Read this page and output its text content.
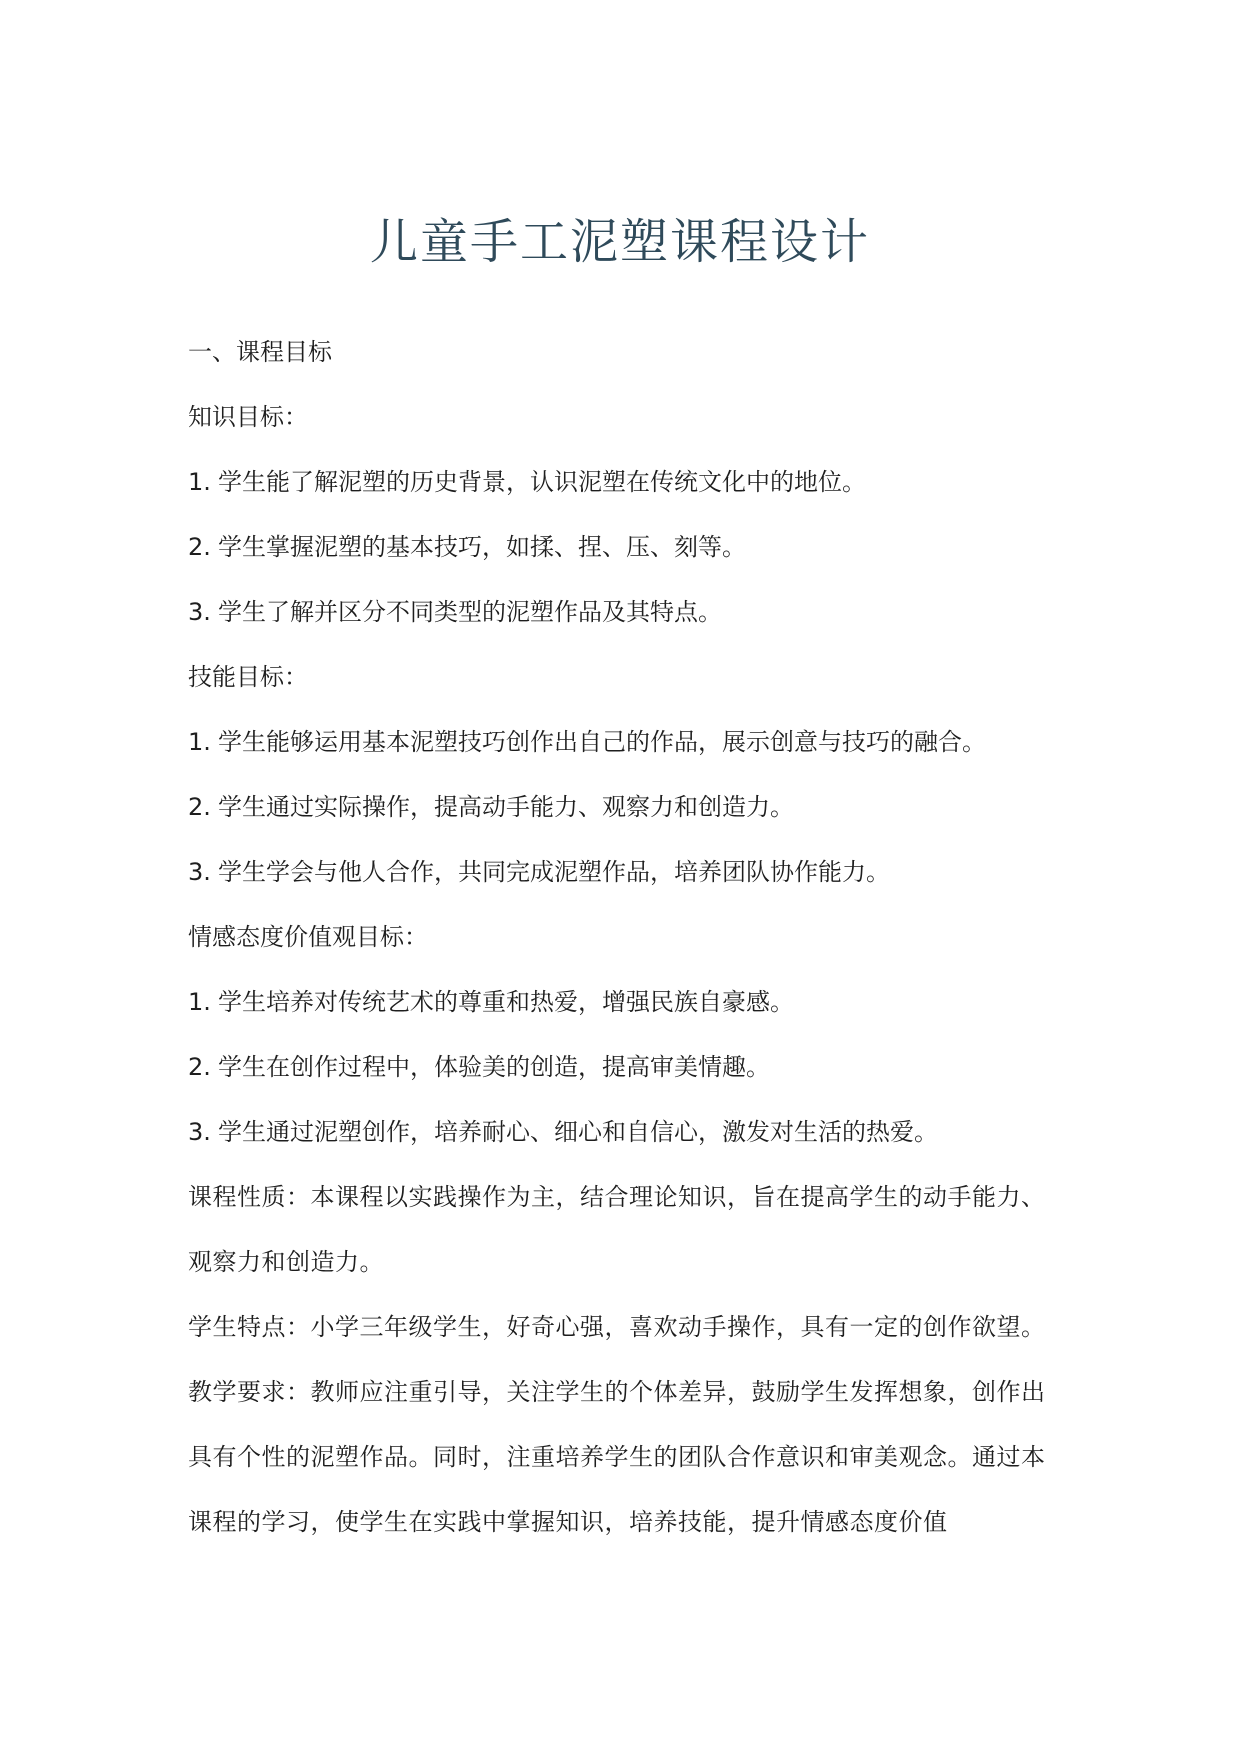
儿童手工泥塑课程设计
一、课程目标
知识目标：
1. 学生能了解泥塑的历史背景，认识泥塑在传统文化中的地位。
2. 学生掌握泥塑的基本技巧，如揉、捏、压、刻等。
3. 学生了解并区分不同类型的泥塑作品及其特点。
技能目标：
1. 学生能够运用基本泥塑技巧创作出自己的作品，展示创意与技巧的融合。
2. 学生通过实际操作，提高动手能力、观察力和创造力。
3. 学生学会与他人合作，共同完成泥塑作品，培养团队协作能力。
情感态度价值观目标：
1. 学生培养对传统艺术的尊重和热爱，增强民族自豪感。
2. 学生在创作过程中，体验美的创造，提高审美情趣。
3. 学生通过泥塑创作，培养耐心、细心和自信心，激发对生活的热爱。
课程性质：本课程以实践操作为主，结合理论知识，旨在提高学生的动手能力、观察力和创造力。
学生特点：小学三年级学生，好奇心强，喜欢动手操作，具有一定的创作欲望。
教学要求：教师应注重引导，关注学生的个体差异，鼓励学生发挥想象，创作出具有个性的泥塑作品。同时，注重培养学生的团队合作意识和审美观念。通过本课程的学习，使学生在实践中掌握知识，培养技能，提升情感态度价值
